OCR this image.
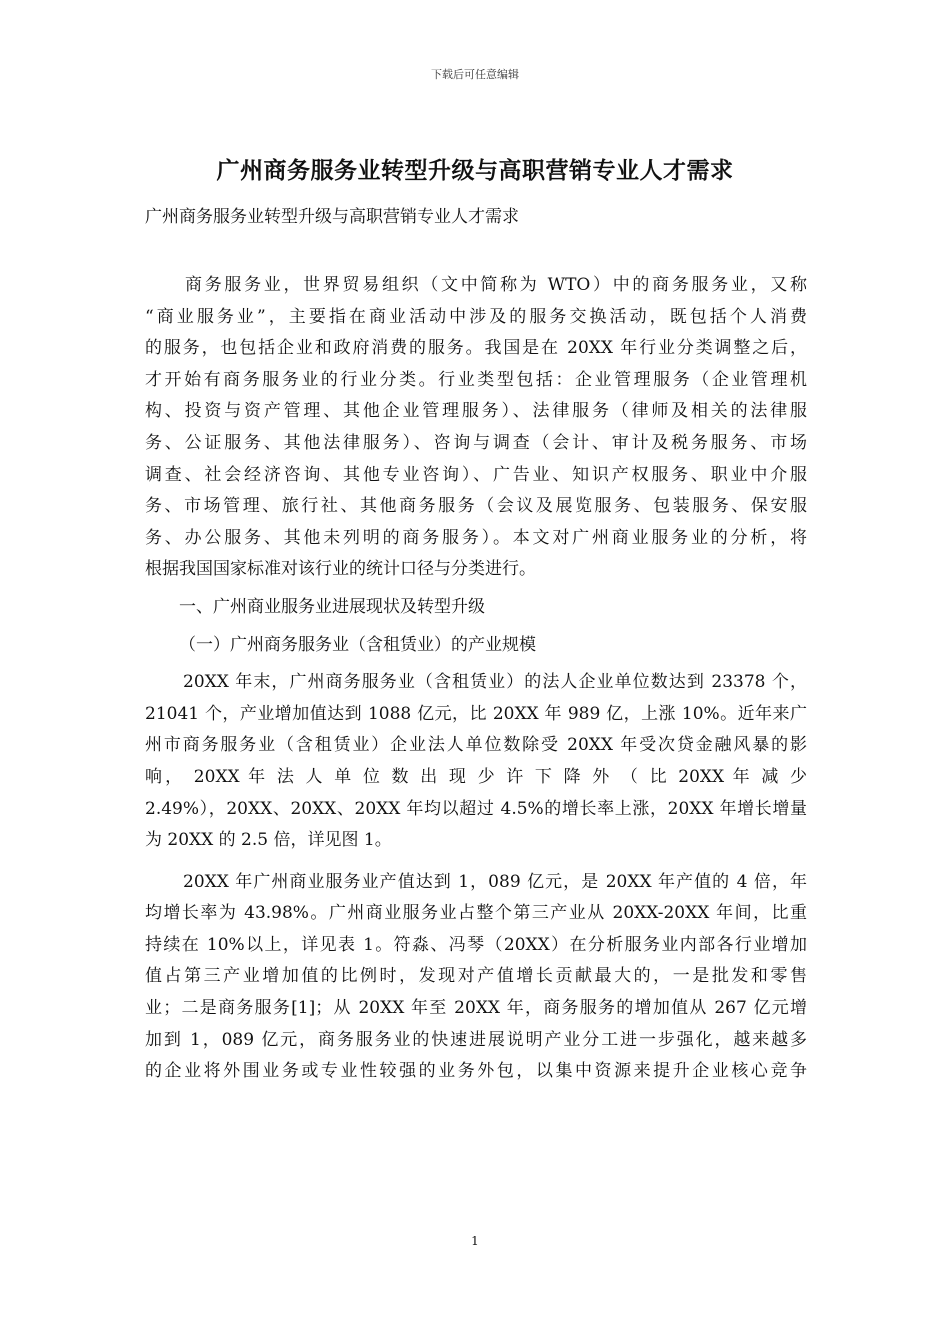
下载后可任意编辑
广州商务服务业转型升级与高职营销专业人才需求
广州商务服务业转型升级与高职营销专业人才需求
商务服务业，世界贸易组织（文中简称为 WTO）中的商务服务业，又称
“商业服务业”，主要指在商业活动中涉及的服务交换活动，既包括个人消费
的服务，也包括企业和政府消费的服务。我国是在 20XX 年行业分类调整之后，
才开始有商务服务业的行业分类。行业类型包括：企业管理服务（企业管理机
构、投资与资产管理、其他企业管理服务）、法律服务（律师及相关的法律服
务、公证服务、其他法律服务）、咨询与调查（会计、审计及税务服务、市场
调查、社会经济咨询、其他专业咨询）、广告业、知识产权服务、职业中介服
务、市场管理、旅行社、其他商务服务（会议及展览服务、包装服务、保安服
务、办公服务、其他未列明的商务服务）。本文对广州商业服务业的分析，将
根据我国国家标准对该行业的统计口径与分类进行。
一、广州商业服务业进展现状及转型升级
（一）广州商务服务业（含租赁业）的产业规模
20XX 年末，广州商务服务业（含租赁业）的法人企业单位数达到 23378 个，
21041 个，产业增加值达到 1088 亿元，比 20XX 年 989 亿，上涨 10%。近年来广
州市商务服务业（含租赁业）企业法人单位数除受 20XX 年受次贷金融风暴的影
响， 20XX 年 法 人 单 位 数 出 现 少 许 下 降 外 （ 比 20XX 年 减 少
2.49%），20XX、20XX、20XX 年均以超过 4.5%的增长率上涨，20XX 年增长增量
为 20XX 的 2.5 倍，详见图 1。
20XX 年广州商业服务业产值达到 1，089 亿元，是 20XX 年产值的 4 倍，年
均增长率为 43.98%。广州商业服务业占整个第三产业从 20XX-20XX 年间，比重
持续在 10%以上，详见表 1。符淼、冯琴（20XX）在分析服务业内部各行业增加
值占第三产业增加值的比例时，发现对产值增长贡献最大的，一是批发和零售
业；二是商务服务[1]；从 20XX 年至 20XX 年，商务服务的增加值从 267 亿元增
加到 1，089 亿元，商务服务业的快速进展说明产业分工进一步强化，越来越多
的企业将外围业务或专业性较强的业务外包，以集中资源来提升企业核心竞争
1
